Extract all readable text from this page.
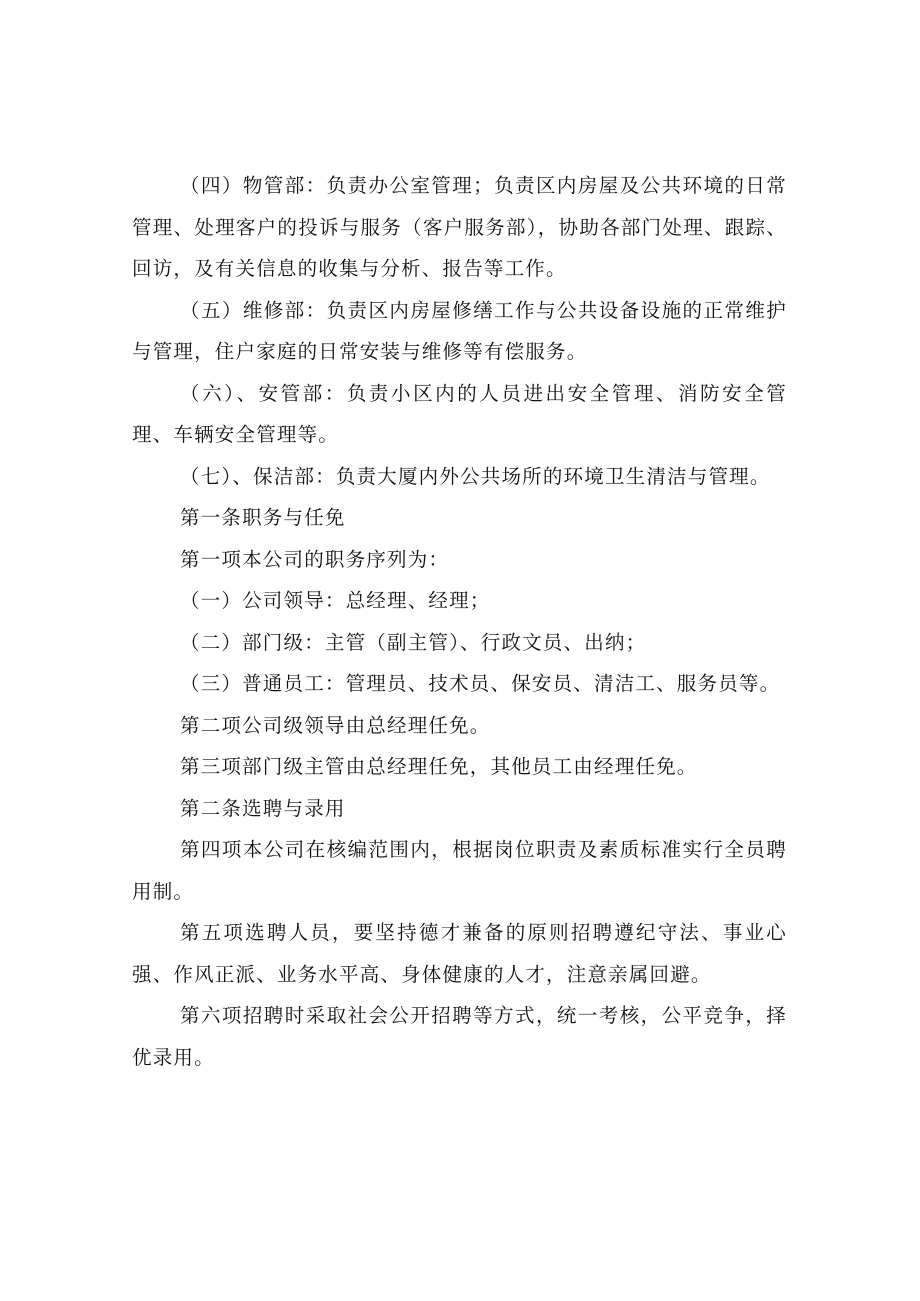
（四）物管部：负责办公室管理；负责区内房屋及公共环境的日常管理、处理客户的投诉与服务（客户服务部），协助各部门处理、跟踪、回访，及有关信息的收集与分析、报告等工作。

（五）维修部：负责区内房屋修缮工作与公共设备设施的正常维护与管理，住户家庭的日常安装与维修等有偿服务。

（六）、安管部：负责小区内的人员进出安全管理、消防安全管理、车辆安全管理等。

（七）、保洁部：负责大厦内外公共场所的环境卫生清洁与管理。

第一条职务与任免

第一项本公司的职务序列为：

（一）公司领导：总经理、经理；

（二）部门级：主管（副主管）、行政文员、出纳；

（三）普通员工：管理员、技术员、保安员、清洁工、服务员等。

第二项公司级领导由总经理任免。

第三项部门级主管由总经理任免，其他员工由经理任免。

第二条选聘与录用

第四项本公司在核编范围内，根据岗位职责及素质标准实行全员聘用制。

第五项选聘人员，要坚持德才兼备的原则招聘遵纪守法、事业心强、作风正派、业务水平高、身体健康的人才，注意亲属回避。

第六项招聘时采取社会公开招聘等方式，统一考核，公平竞争，择优录用。
